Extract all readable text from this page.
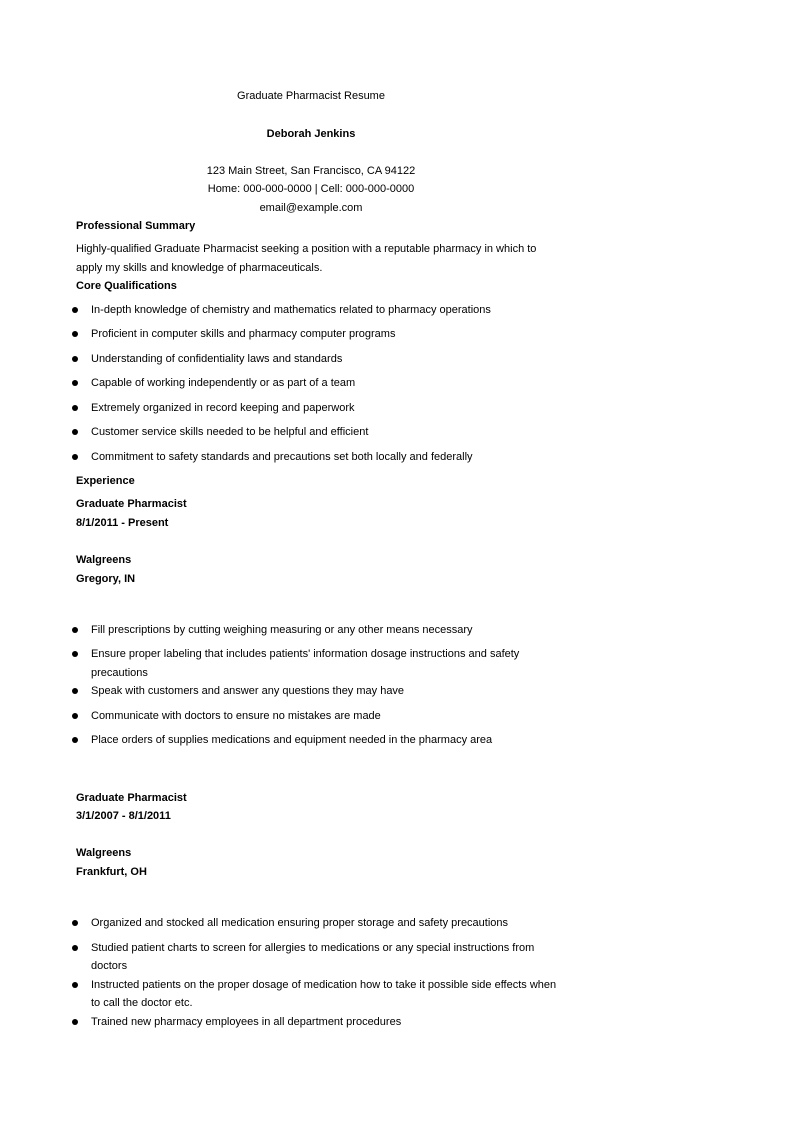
Graduate Pharmacist Resume
Deborah Jenkins
123 Main Street, San Francisco, CA 94122
Home: 000-000-0000 | Cell: 000-000-0000
email@example.com
Professional Summary
Highly-qualified Graduate Pharmacist seeking a position with a reputable pharmacy in which to
apply my skills and knowledge of pharmaceuticals.
Core Qualifications
In-depth knowledge of chemistry and mathematics related to pharmacy operations
Proficient in computer skills and pharmacy computer programs
Understanding of confidentiality laws and standards
Capable of working independently or as part of a team
Extremely organized in record keeping and paperwork
Customer service skills needed to be helpful and efficient
Commitment to safety standards and precautions set both locally and federally
Experience
Graduate Pharmacist
8/1/2011 - Present
Walgreens
Gregory, IN
Fill prescriptions by cutting weighing measuring or any other means necessary
Ensure proper labeling that includes patients' information dosage instructions and safety
precautions
Speak with customers and answer any questions they may have
Communicate with doctors to ensure no mistakes are made
Place orders of supplies medications and equipment needed in the pharmacy area
Graduate Pharmacist
3/1/2007 - 8/1/2011
Walgreens
Frankfurt, OH
Organized and stocked all medication ensuring proper storage and safety precautions
Studied patient charts to screen for allergies to medications or any special instructions from
doctors
Instructed patients on the proper dosage of medication how to take it possible side effects when
to call the doctor etc.
Trained new pharmacy employees in all department procedures
